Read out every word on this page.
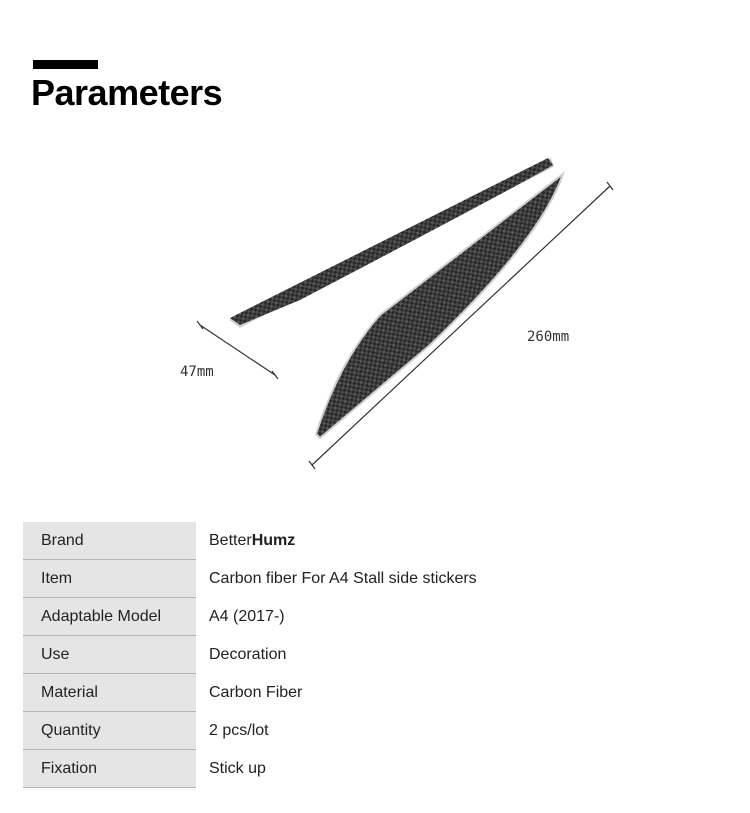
Parameters
47mm
260mm
Brand	BetterHumz
Item	Carbon fiber For A4 Stall side stickers
Adaptable Model	A4 (2017-)
Use	Decoration
Material	Carbon Fiber
Quantity	2 pcs/lot
Fixation	Stick up
